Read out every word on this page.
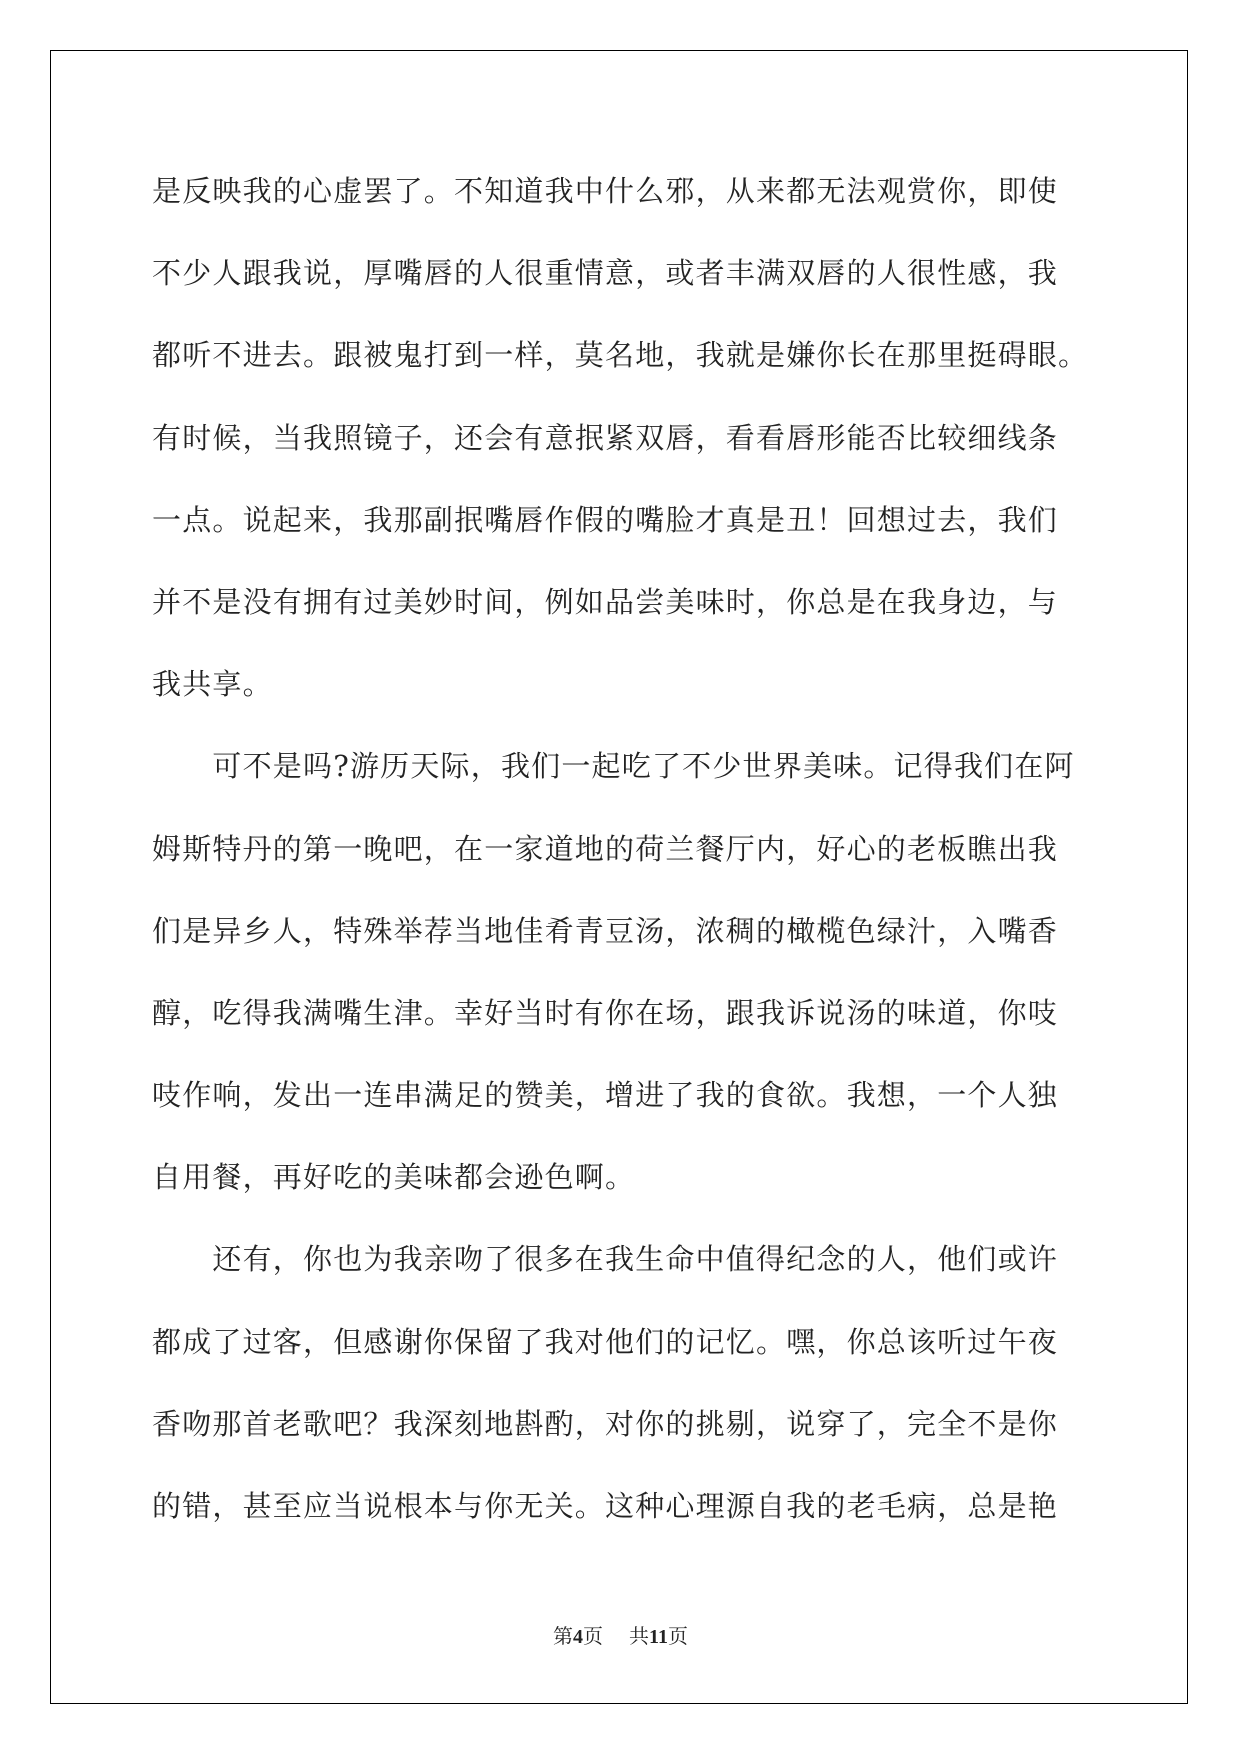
是反映我的心虚罢了。不知道我中什么邪，从来都无法观赏你，即使
不少人跟我说，厚嘴唇的人很重情意，或者丰满双唇的人很性感，我
都听不进去。跟被鬼打到一样，莫名地，我就是嫌你长在那里挺碍眼。
有时候，当我照镜子，还会有意抿紧双唇，看看唇形能否比较细线条
一点。说起来，我那副抿嘴唇作假的嘴脸才真是丑！回想过去，我们
并不是没有拥有过美妙时间，例如品尝美味时，你总是在我身边，与
我共享。
　　可不是吗?游历天际，我们一起吃了不少世界美味。记得我们在阿
姆斯特丹的第一晚吧，在一家道地的荷兰餐厅内，好心的老板瞧出我
们是异乡人，特殊举荐当地佳肴青豆汤，浓稠的橄榄色绿汁，入嘴香
醇，吃得我满嘴生津。幸好当时有你在场，跟我诉说汤的味道，你吱
吱作响，发出一连串满足的赞美，增进了我的食欲。我想，一个人独
自用餐，再好吃的美味都会逊色啊。
　　还有，你也为我亲吻了很多在我生命中值得纪念的人，他们或许
都成了过客，但感谢你保留了我对他们的记忆。嘿，你总该听过午夜
香吻那首老歌吧？我深刻地斟酌，对你的挑剔，说穿了，完全不是你
的错，甚至应当说根本与你无关。这种心理源自我的老毛病，总是艳
第4页 共11页
